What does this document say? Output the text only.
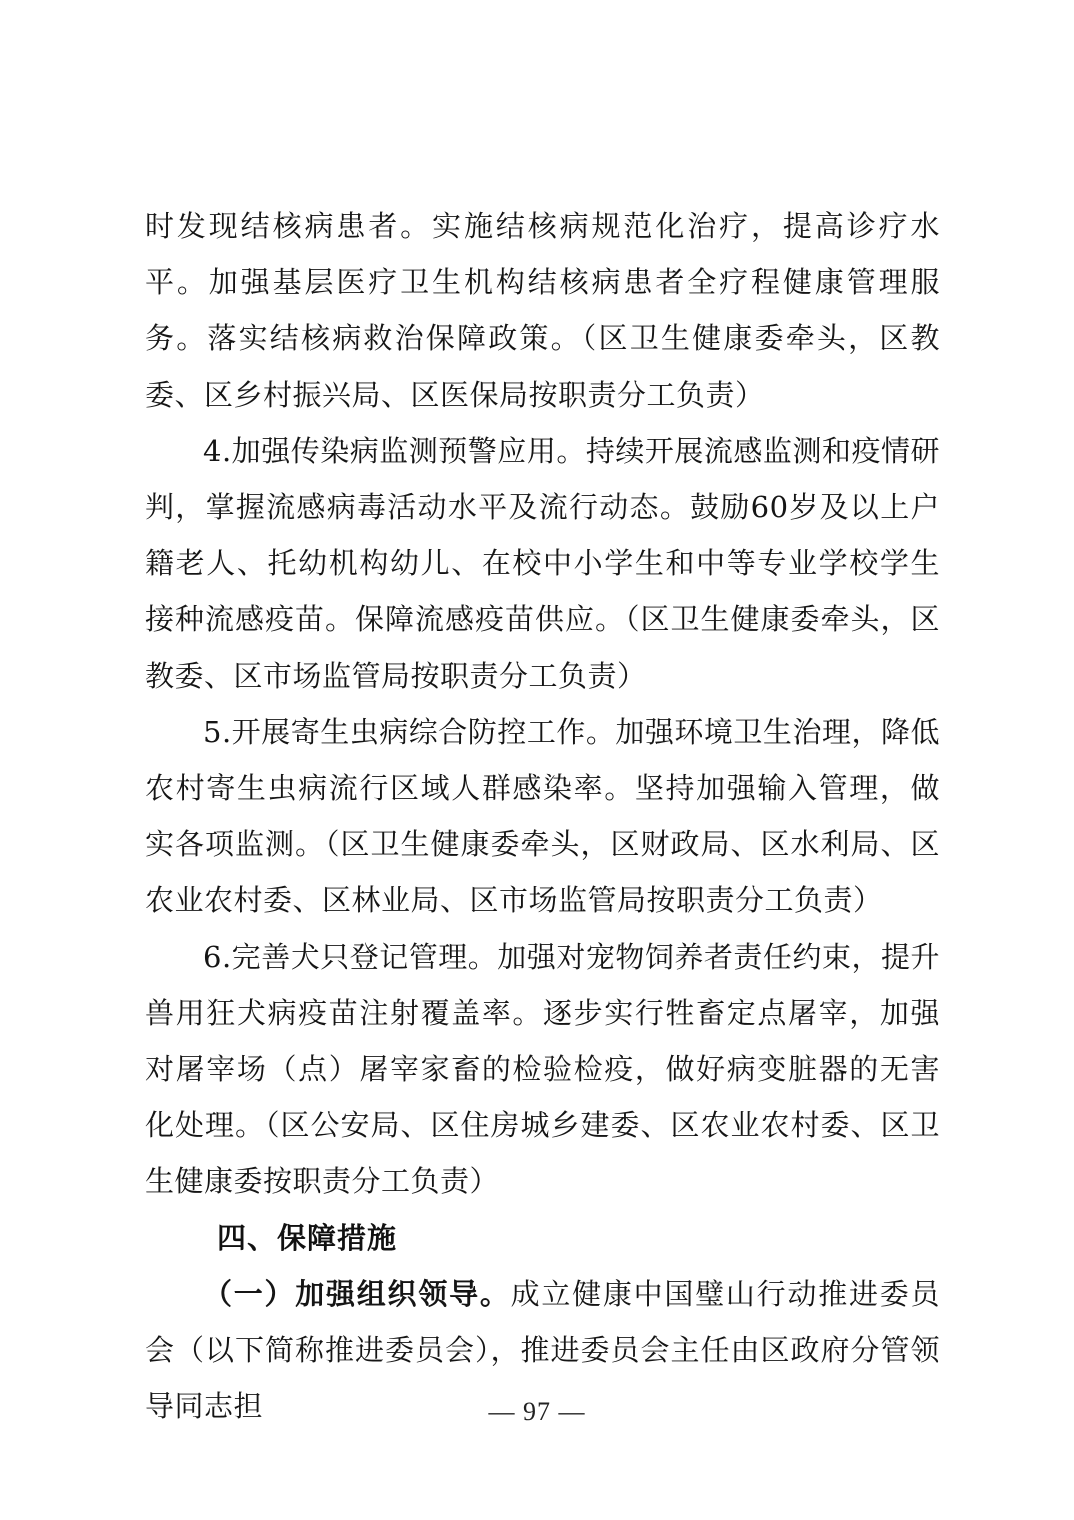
时发现结核病患者。实施结核病规范化治疗，提高诊疗水平。加强基层医疗卫生机构结核病患者全疗程健康管理服务。落实结核病救治保障政策。（区卫生健康委牵头，区教委、区乡村振兴局、区医保局按职责分工负责）

4.加强传染病监测预警应用。持续开展流感监测和疫情研判，掌握流感病毒活动水平及流行动态。鼓励60岁及以上户籍老人、托幼机构幼儿、在校中小学生和中等专业学校学生接种流感疫苗。保障流感疫苗供应。（区卫生健康委牵头，区教委、区市场监管局按职责分工负责）

5.开展寄生虫病综合防控工作。加强环境卫生治理，降低农村寄生虫病流行区域人群感染率。坚持加强输入管理，做实各项监测。（区卫生健康委牵头，区财政局、区水利局、区农业农村委、区林业局、区市场监管局按职责分工负责）

6.完善犬只登记管理。加强对宠物饲养者责任约束，提升兽用狂犬病疫苗注射覆盖率。逐步实行牲畜定点屠宰，加强对屠宰场（点）屠宰家畜的检验检疫，做好病变脏器的无害化处理。（区公安局、区住房城乡建委、区农业农村委、区卫生健康委按职责分工负责）

四、保障措施

（一）加强组织领导。成立健康中国璧山行动推进委员会（以下简称推进委员会），推进委员会主任由区政府分管领导同志担	— 97 —
